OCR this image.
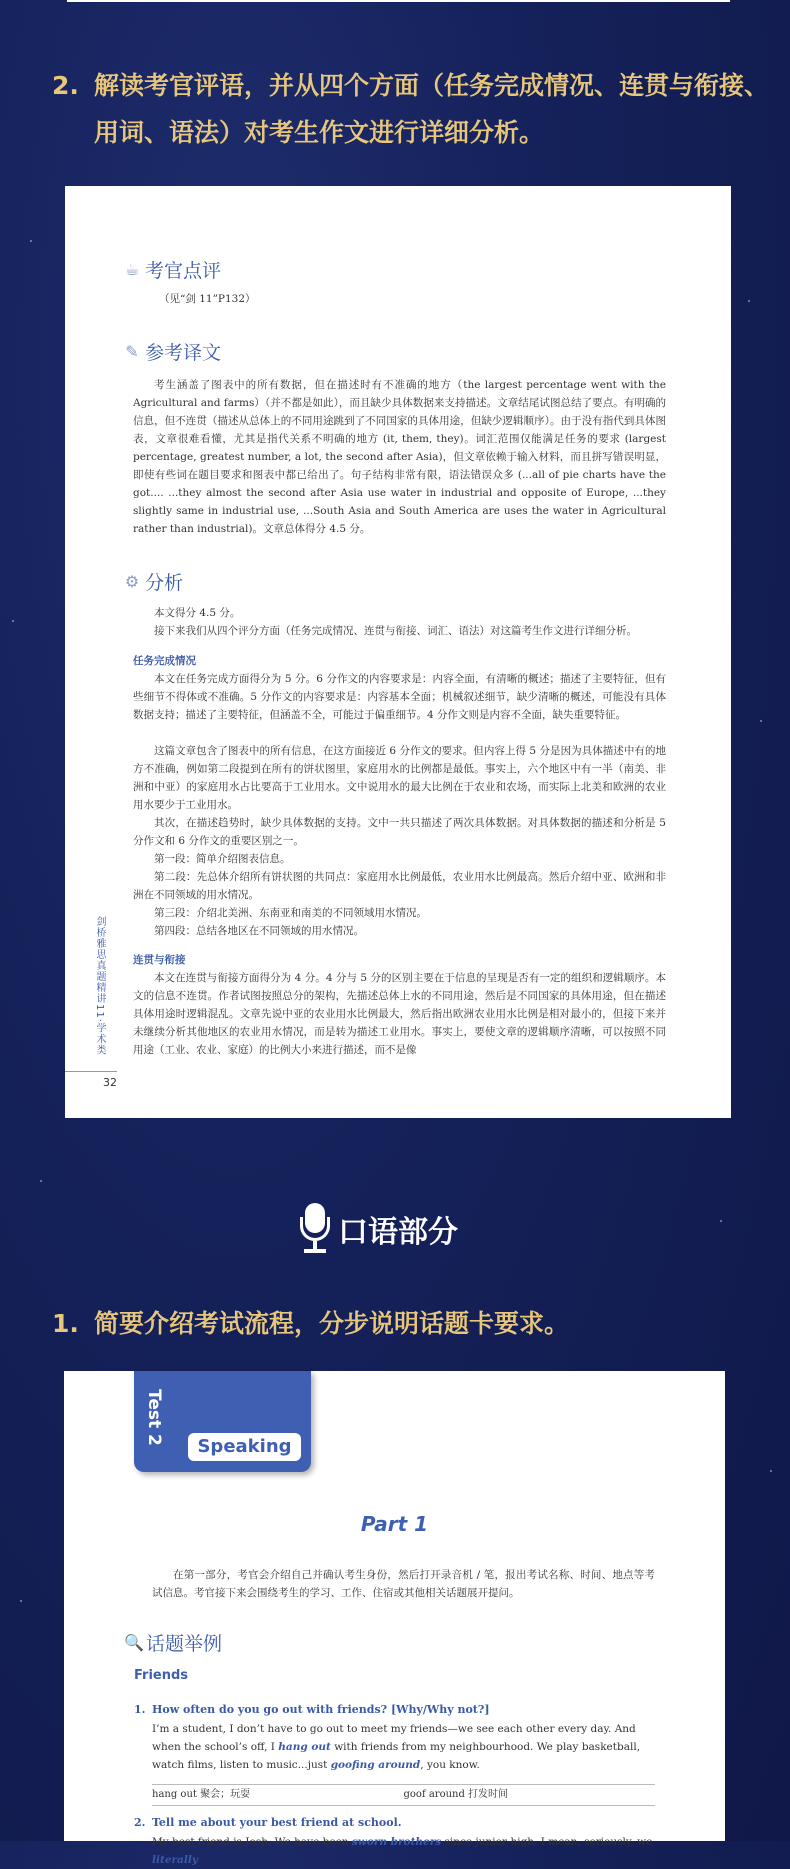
2. 解读考官评语，并从四个方面（任务完成情况、连贯与衔接、用词、语法）对考生作文进行详细分析。
☕ 考官点评
（见“剑 11”P132）
✎ 参考译文
考生涵盖了图表中的所有数据，但在描述时有不准确的地方（the largest percentage went with the Agricultural and farms）（并不都是如此），而且缺少具体数据来支持描述。文章结尾试图总结了要点。有明确的信息，但不连贯（描述从总体上的不同用途跳到了不同国家的具体用途，但缺少逻辑顺序）。由于没有指代到具体图表，文章很难看懂，尤其是指代关系不明确的地方 (it, them, they)。词汇范围仅能满足任务的要求 (largest percentage, greatest number, a lot, the second after Asia)，但文章依赖于输入材料，而且拼写错误明显，即使有些词在题目要求和图表中都已给出了。句子结构非常有限，语法错误众多 (...all of pie charts have the got.... ...they almost the second after Asia use water in industrial and opposite of Europe, ...they slightly same in industrial use, ...South Asia and South America are uses the water in Agricultural rather than industrial)。文章总体得分 4.5 分。
⚙ 分析
本文得分 4.5 分。
接下来我们从四个评分方面（任务完成情况、连贯与衔接、词汇、语法）对这篇考生作文进行详细分析。
任务完成情况
本文在任务完成方面得分为 5 分。6 分作文的内容要求是：内容全面，有清晰的概述；描述了主要特征，但有些细节不得体或不准确。5 分作文的内容要求是：内容基本全面；机械叙述细节，缺少清晰的概述，可能没有具体数据支持；描述了主要特征，但涵盖不全，可能过于偏重细节。4 分作文则是内容不全面，缺失重要特征。
这篇文章包含了图表中的所有信息，在这方面接近 6 分作文的要求。但内容上得 5 分是因为具体描述中有的地方不准确，例如第二段提到在所有的饼状图里，家庭用水的比例都是最低。事实上，六个地区中有一半（南美、非洲和中亚）的家庭用水占比要高于工业用水。文中说用水的最大比例在于农业和农场，而实际上北美和欧洲的农业用水要少于工业用水。
其次，在描述趋势时，缺少具体数据的支持。文中一共只描述了两次具体数据。对具体数据的描述和分析是 5 分作文和 6 分作文的重要区别之一。
第一段：简单介绍图表信息。
第二段：先总体介绍所有饼状图的共同点：家庭用水比例最低，农业用水比例最高。然后介绍中亚、欧洲和非洲在不同领域的用水情况。
第三段：介绍北美洲、东南亚和南美的不同领域用水情况。
第四段：总结各地区在不同领域的用水情况。
连贯与衔接
本文在连贯与衔接方面得分为 4 分。4 分与 5 分的区别主要在于信息的呈现是否有一定的组织和逻辑顺序。本文的信息不连贯。作者试图按照总分的架构，先描述总体上水的不同用途，然后是不同国家的具体用途，但在描述具体用途时逻辑混乱。文章先说中亚的农业用水比例最大，然后指出欧洲农业用水比例是相对最小的，但接下来并未继续分析其他地区的农业用水情况，而是转为描述工业用水。事实上，要使文章的逻辑顺序清晰，可以按照不同用途（工业、农业、家庭）的比例大小来进行描述，而不是像
剑桥雅思真题精讲11·学术类
32
口语部分
1. 简要介绍考试流程，分步说明话题卡要求。
Test 2
Speaking
Part 1
在第一部分，考官会介绍自己并确认考生身份，然后打开录音机 / 笔，报出考试名称、时间、地点等考试信息。考官接下来会围绕考生的学习、工作、住宿或其他相关话题展开提问。
🔍 话题举例
Friends
1. How often do you go out with friends? [Why/Why not?]
I’m a student, I don’t have to go out to meet my friends—we see each other every day. And when the school’s off, I hang out with friends from my neighbourhood. We play basketball, watch films, listen to music...just goofing around, you know.
hang out 聚会；玩耍	goof around 打发时间
2. Tell me about your best friend at school.
My best friend is Josh. We have been sworn brothers since junior-high. I mean, seriously, we literally
